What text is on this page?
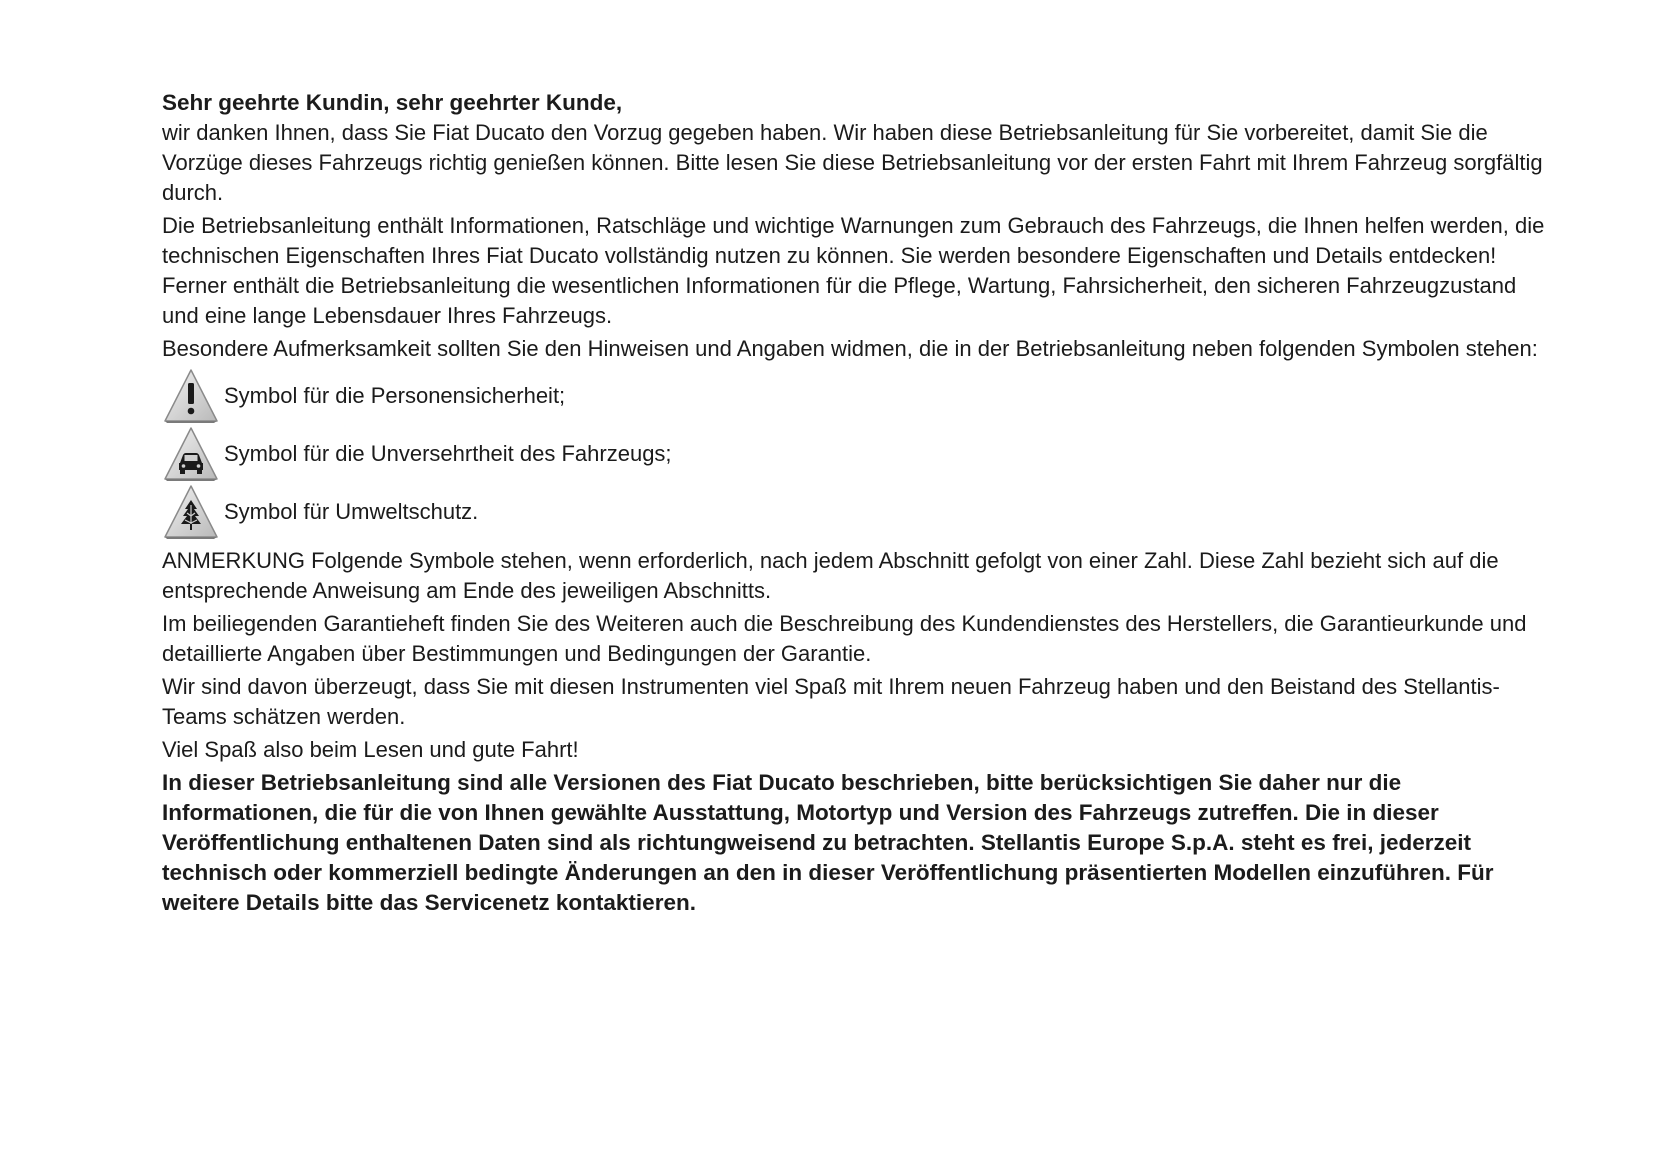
Sehr geehrte Kundin, sehr geehrter Kunde,

wir danken Ihnen, dass Sie Fiat Ducato den Vorzug gegeben haben. Wir haben diese Betriebsanleitung für Sie vorbereitet, damit Sie die Vorzüge dieses Fahrzeugs richtig genießen können. Bitte lesen Sie diese Betriebsanleitung vor der ersten Fahrt mit Ihrem Fahrzeug sorgfältig durch.

Die Betriebsanleitung enthält Informationen, Ratschläge und wichtige Warnungen zum Gebrauch des Fahrzeugs, die Ihnen helfen werden, die technischen Eigenschaften Ihres Fiat Ducato vollständig nutzen zu können. Sie werden besondere Eigenschaften und Details entdecken! Ferner enthält die Betriebsanleitung die wesentlichen Informationen für die Pflege, Wartung, Fahrsicherheit, den sicheren Fahrzeugzustand und eine lange Lebensdauer Ihres Fahrzeugs.

Besondere Aufmerksamkeit sollten Sie den Hinweisen und Angaben widmen, die in der Betriebsanleitung neben folgenden Symbolen stehen:

Symbol für die Personensicherheit;
Symbol für die Unversehrtheit des Fahrzeugs;
Symbol für Umweltschutz.

ANMERKUNG Folgende Symbole stehen, wenn erforderlich, nach jedem Abschnitt gefolgt von einer Zahl. Diese Zahl bezieht sich auf die entsprechende Anweisung am Ende des jeweiligen Abschnitts.

Im beiliegenden Garantieheft finden Sie des Weiteren auch die Beschreibung des Kundendienstes des Herstellers, die Garantieurkunde und detaillierte Angaben über Bestimmungen und Bedingungen der Garantie.

Wir sind davon überzeugt, dass Sie mit diesen Instrumenten viel Spaß mit Ihrem neuen Fahrzeug haben und den Beistand des Stellantis-Teams schätzen werden.

Viel Spaß also beim Lesen und gute Fahrt!

In dieser Betriebsanleitung sind alle Versionen des Fiat Ducato beschrieben, bitte berücksichtigen Sie daher nur die Informationen, die für die von Ihnen gewählte Ausstattung, Motortyp und Version des Fahrzeugs zutreffen. Die in dieser Veröffentlichung enthaltenen Daten sind als richtungweisend zu betrachten. Stellantis Europe S.p.A. steht es frei, jederzeit technisch oder kommerziell bedingte Änderungen an den in dieser Veröffentlichung präsentierten Modellen einzuführen. Für weitere Details bitte das Servicenetz kontaktieren.
